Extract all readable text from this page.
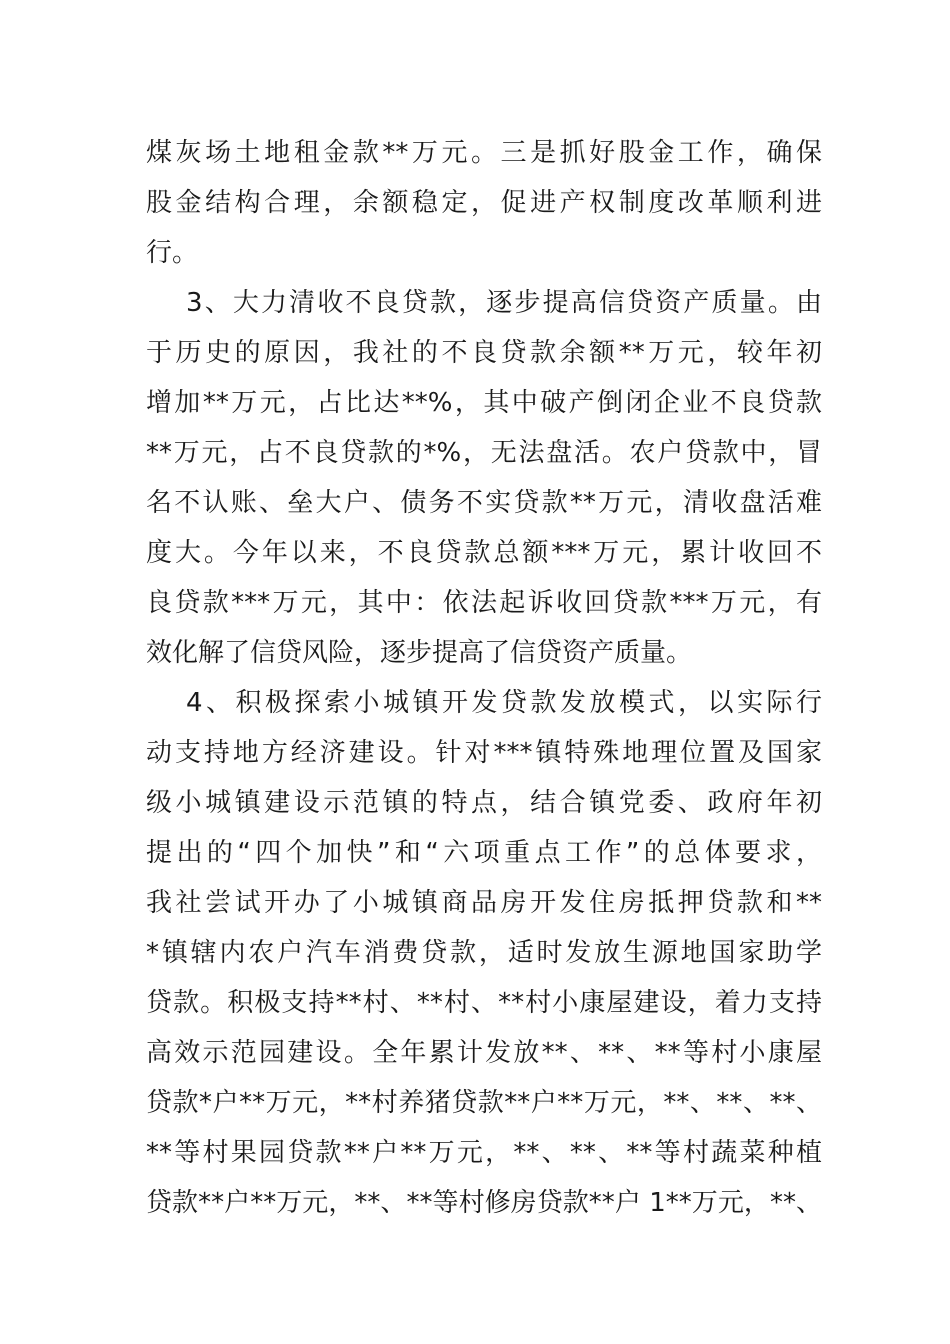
煤灰场土地租金款**万元。三是抓好股金工作，确保
股金结构合理，余额稳定，促进产权制度改革顺利进
行。
3、大力清收不良贷款，逐步提高信贷资产质量。由
于历史的原因，我社的不良贷款余额**万元，较年初
增加**万元，占比达**%，其中破产倒闭企业不良贷款
**万元，占不良贷款的*%，无法盘活。农户贷款中，冒
名不认账、垒大户、债务不实贷款**万元，清收盘活难
度大。今年以来，不良贷款总额***万元，累计收回不
良贷款***万元，其中：依法起诉收回贷款***万元，有
效化解了信贷风险，逐步提高了信贷资产质量。
4、积极探索小城镇开发贷款发放模式，以实际行
动支持地方经济建设。针对***镇特殊地理位置及国家
级小城镇建设示范镇的特点，结合镇党委、政府年初
提出的“四个加快”和“六项重点工作”的总体要求，
我社尝试开办了小城镇商品房开发住房抵押贷款和**
*镇辖内农户汽车消费贷款，适时发放生源地国家助学
贷款。积极支持**村、**村、**村小康屋建设，着力支持
高效示范园建设。全年累计发放**、**、**等村小康屋
贷款*户**万元，**村养猪贷款**户**万元，**、**、**、
**等村果园贷款**户**万元，**、**、**等村蔬菜种植
贷款**户**万元，**、**等村修房贷款**户 1**万元，**、
